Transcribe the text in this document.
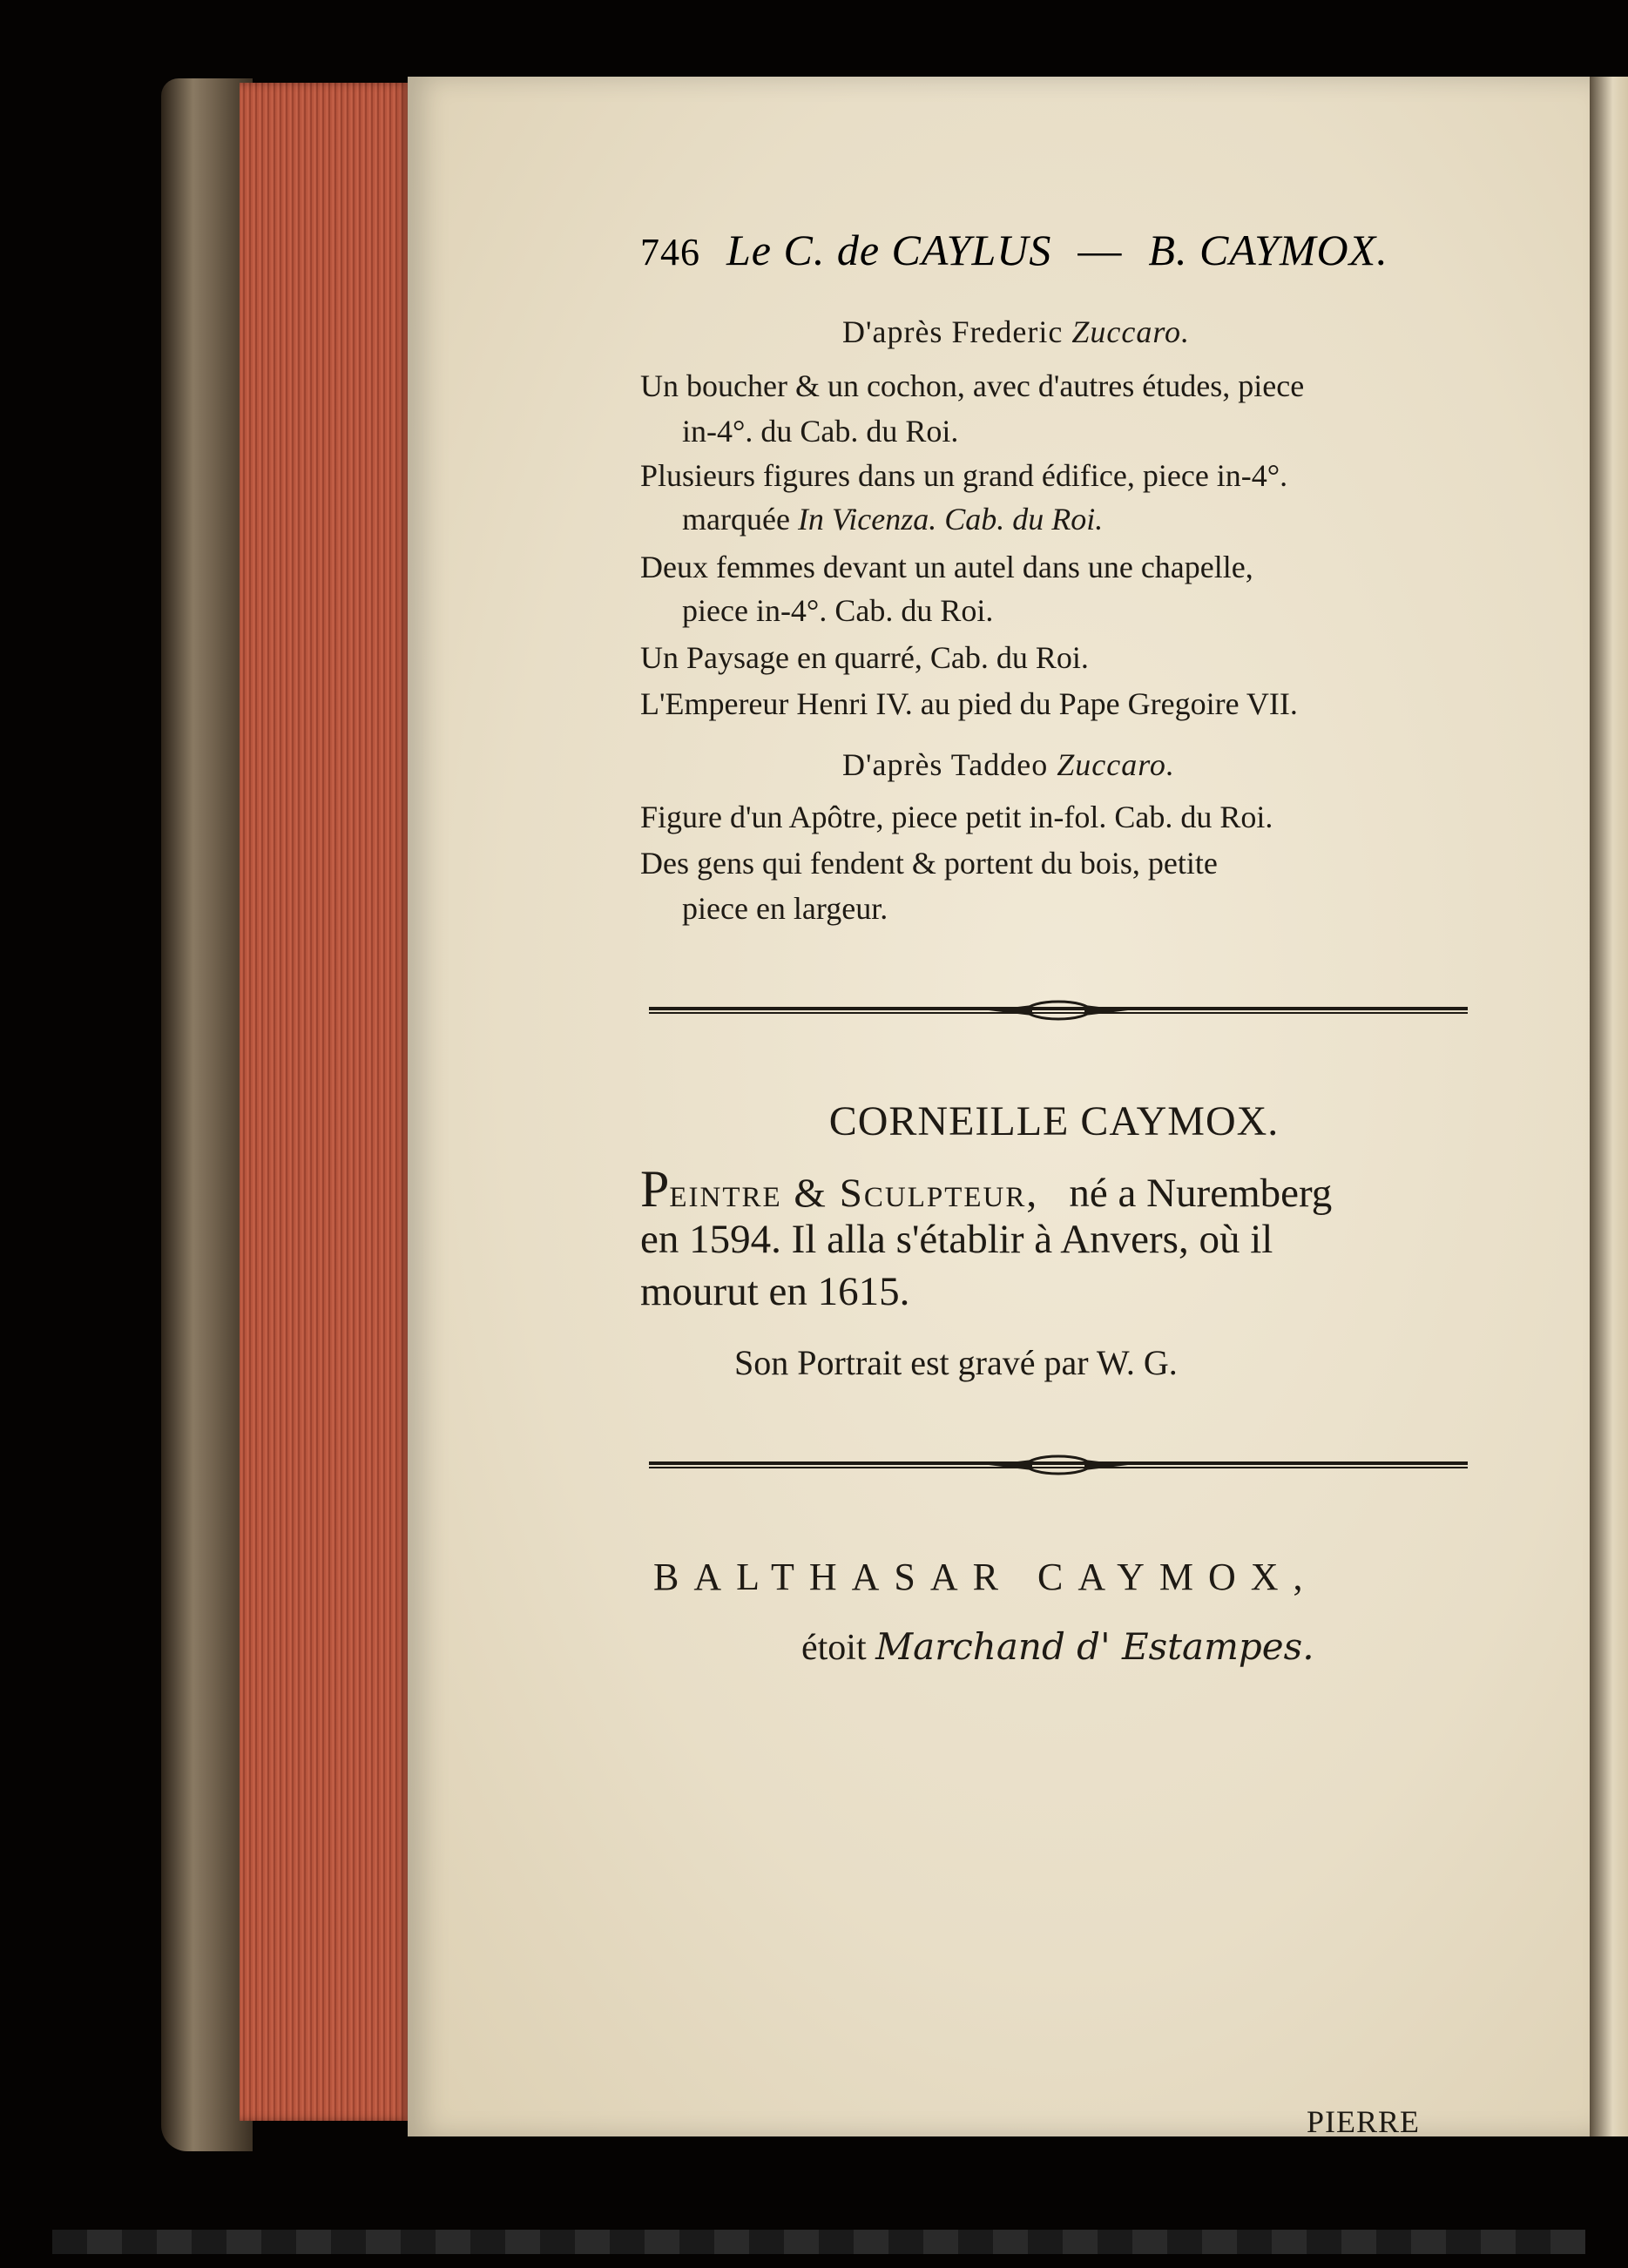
746 Le C. de CAYLUS — B. CAYMOX.
D'après Frederic Zuccaro.
Un boucher & un cochon, avec d'autres études, piece
in-4°. du Cab. du Roi.
Plusieurs figures dans un grand édifice, piece in-4°.
marquée In Vicenza. Cab. du Roi.
Deux femmes devant un autel dans une chapelle,
piece in-4°. Cab. du Roi.
Un Paysage en quarré, Cab. du Roi.
L'Empereur Henri IV. au pied du Pape Gregoire VII.
D'après Taddeo Zuccaro.
Figure d'un Apôtre, piece petit in-fol. Cab. du Roi.
Des gens qui fendent & portent du bois, petite
piece en largeur.
CORNEILLE CAYMOX.
Peintre & Sculpteur, né a Nuremberg
en 1594. Il alla s'établir à Anvers, où il
mourut en 1615.
Son Portrait est gravé par W. G.
BALTHASAR CAYMOX,
étoit Marchand d' Estampes.
PIERRE
